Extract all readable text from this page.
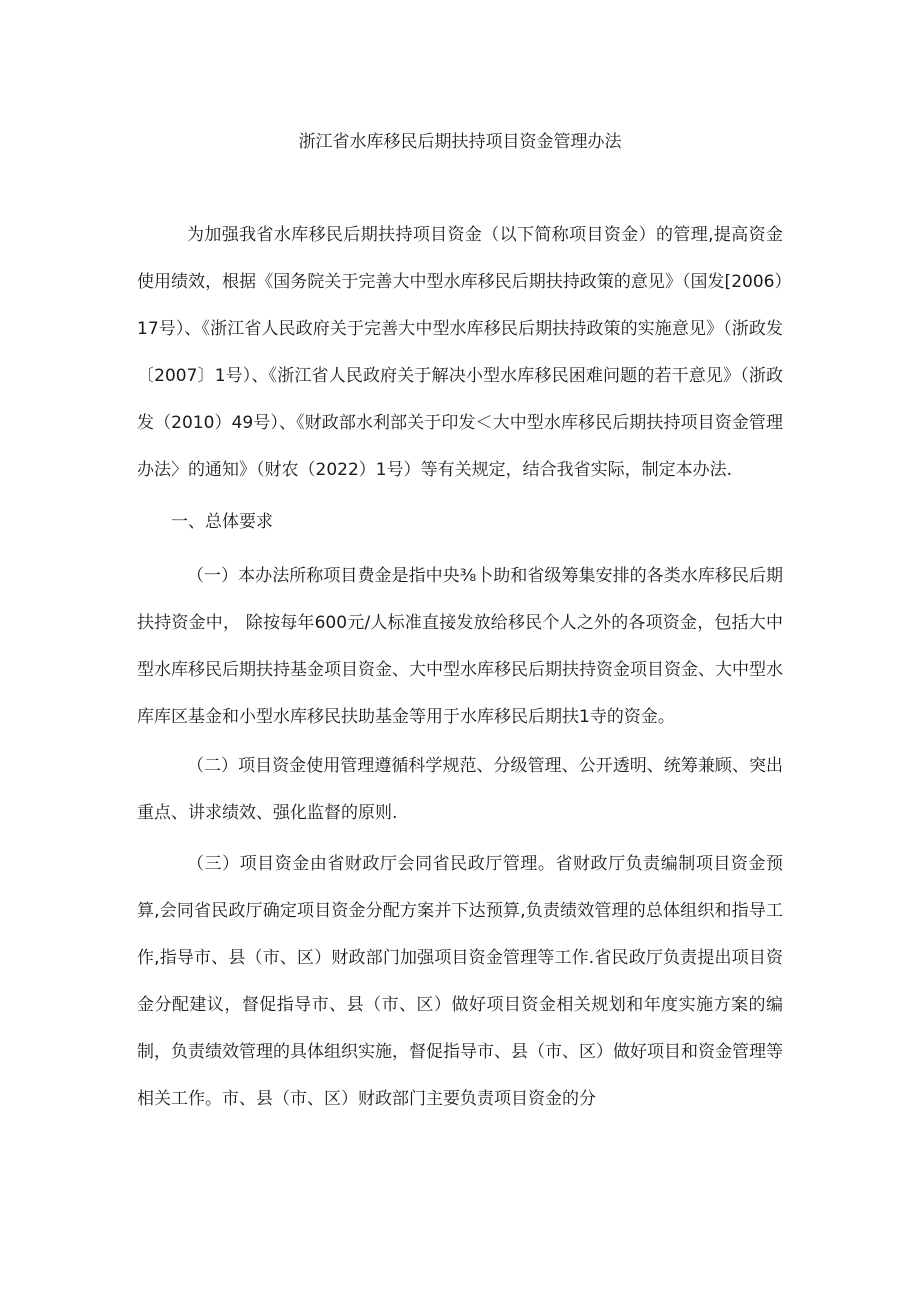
浙江省水库移民后期扶持项目资金管理办法

为加强我省水库移民后期扶持项目资金（以下简称项目资金）的管理,提高资金使用绩效，根据《国务院关于完善大中型水库移民后期扶持政策的意见》（国发[2006）17号）、《浙江省人民政府关于完善大中型水库移民后期扶持政策的实施意见》（浙政发〔2007〕1号）、《浙江省人民政府关于解决小型水库移民困难问题的若干意见》（浙政发（2010）49号）、《财政部水利部关于印发＜大中型水库移民后期扶持项目资金管理办法〉的通知》（财农（2022）1号）等有关规定，结合我省实际，制定本办法.

一、总体要求

（一）本办法所称项目费金是指中央⅜卜助和省级筹集安排的各类水库移民后期扶持资金中， 除按每年600元/人标准直接发放给移民个人之外的各项资金，包括大中型水库移民后期扶持基金项目资金、大中型水库移民后期扶持资金项目资金、大中型水库库区基金和小型水库移民扶助基金等用于水库移民后期扶1寺的资金。

（二）项目资金使用管理遵循科学规范、分级管理、公开透明、统筹兼顾、突出重点、讲求绩效、强化监督的原则.

（三）项目资金由省财政厅会同省民政厅管理。省财政厅负责编制项目资金预算,会同省民政厅确定项目资金分配方案并下达预算,负责绩效管理的总体组织和指导工作,指导市、县（市、区）财政部门加强项目资金管理等工作.省民政厅负责提出项目资金分配建议，督促指导市、县（市、区）做好项目资金相关规划和年度实施方案的编制，负责绩效管理的具体组织实施，督促指导市、县（市、区）做好项目和资金管理等相关工作。市、县（市、区）财政部门主要负责项目资金的分
